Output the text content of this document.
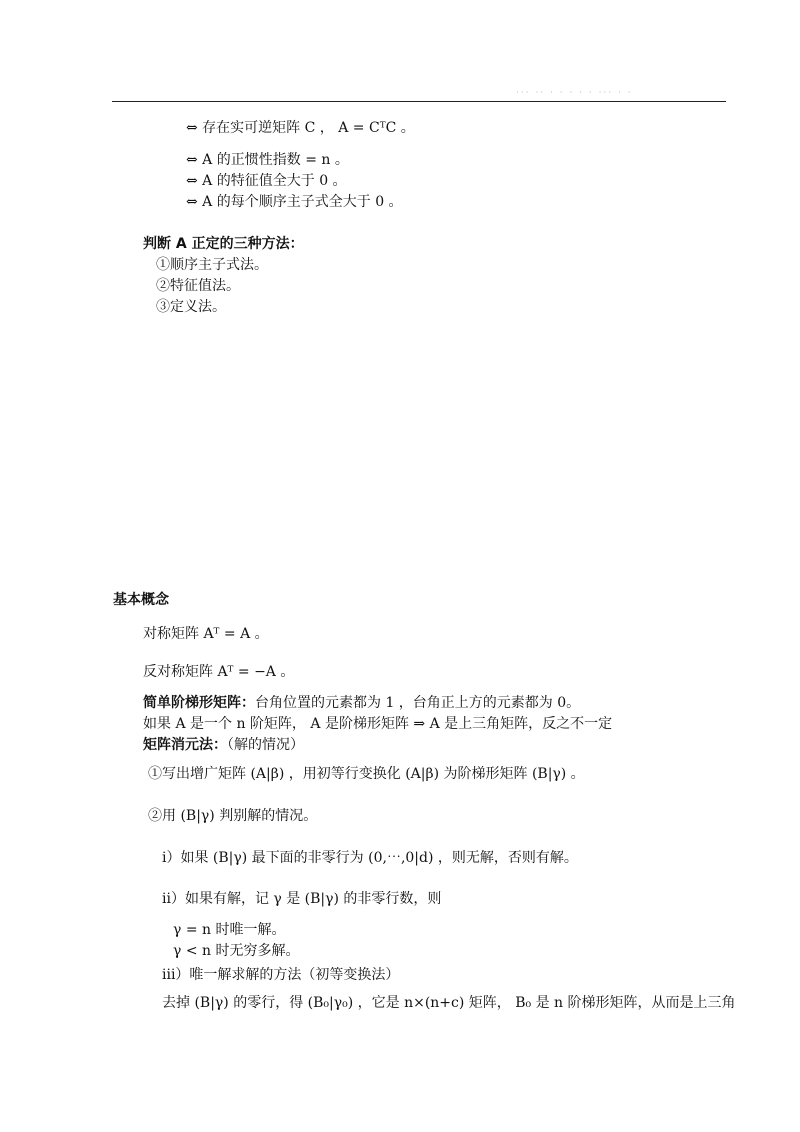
··· ·· · · · · · ··· · ·
⇔ 存在实可逆矩阵 C ， A = CᵀC 。
⇔ A 的正惯性指数 = n 。
⇔ A 的特征值全大于 0 。
⇔ A 的每个顺序主子式全大于 0 。
判断 A 正定的三种方法：
①顺序主子式法。
②特征值法。
③定义法。
基本概念
对称矩阵 Aᵀ = A 。
反对称矩阵 Aᵀ = −A 。
简单阶梯形矩阵：台角位置的元素都为 1 ，台角正上方的元素都为 0。
如果 A 是一个 n 阶矩阵， A 是阶梯形矩阵 ⇒ A 是上三角矩阵，反之不一定
矩阵消元法：（解的情况）
①写出增广矩阵 (A|β) ，用初等行变换化 (A|β) 为阶梯形矩阵 (B|γ) 。
②用 (B|γ) 判别解的情况。
i）如果 (B|γ) 最下面的非零行为 (0,⋯,0|d) ，则无解，否则有解。
ii）如果有解，记 γ 是 (B|γ) 的非零行数，则
γ = n 时唯一解。
γ < n 时无穷多解。
iii）唯一解求解的方法（初等变换法）
去掉 (B|γ) 的零行，得 (B₀|γ₀) ，它是 n×(n+c) 矩阵， B₀ 是 n 阶梯形矩阵，从而是上三角
